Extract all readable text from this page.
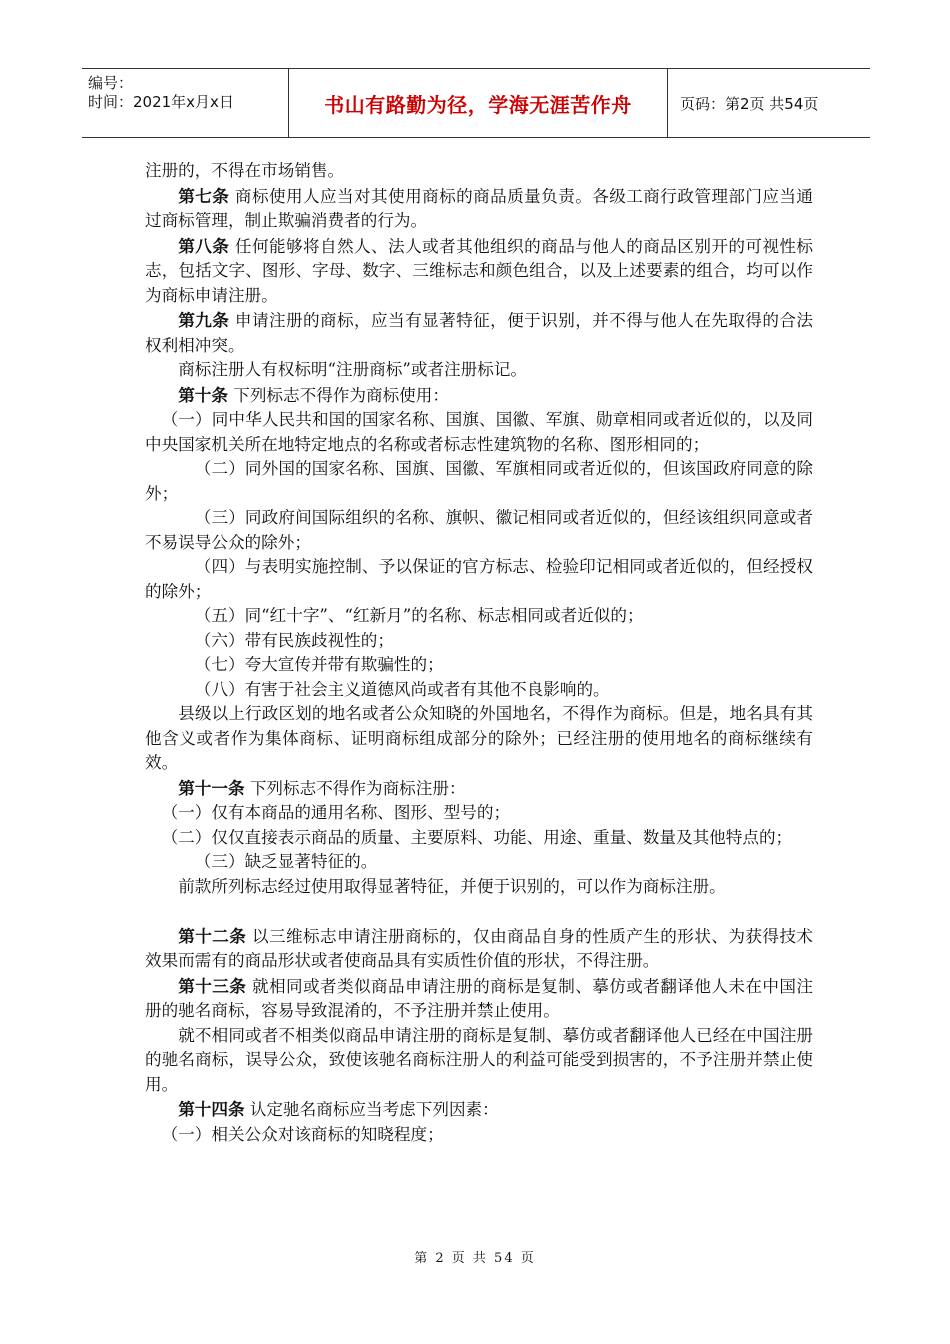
编号：
时间：2021年x月x日	书山有路勤为径，学海无涯苦作舟	页码：第2页 共54页

注册的，不得在市场销售。

第七条 商标使用人应当对其使用商标的商品质量负责。各级工商行政管理部门应当通过商标管理，制止欺骗消费者的行为。

第八条 任何能够将自然人、法人或者其他组织的商品与他人的商品区别开的可视性标志，包括文字、图形、字母、数字、三维标志和颜色组合，以及上述要素的组合，均可以作为商标申请注册。

第九条 申请注册的商标，应当有显著特征，便于识别，并不得与他人在先取得的合法权利相冲突。

商标注册人有权标明“注册商标”或者注册标记。

第十条 下列标志不得作为商标使用：

（一）同中华人民共和国的国家名称、国旗、国徽、军旗、勋章相同或者近似的，以及同中央国家机关所在地特定地点的名称或者标志性建筑物的名称、图形相同的；

（二）同外国的国家名称、国旗、国徽、军旗相同或者近似的，但该国政府同意的除外；

（三）同政府间国际组织的名称、旗帜、徽记相同或者近似的，但经该组织同意或者不易误导公众的除外；

（四）与表明实施控制、予以保证的官方标志、检验印记相同或者近似的，但经授权的除外；

（五）同“红十字”、“红新月”的名称、标志相同或者近似的；

（六）带有民族歧视性的；

（七）夸大宣传并带有欺骗性的；

（八）有害于社会主义道德风尚或者有其他不良影响的。

县级以上行政区划的地名或者公众知晓的外国地名，不得作为商标。但是，地名具有其他含义或者作为集体商标、证明商标组成部分的除外；已经注册的使用地名的商标继续有效。

第十一条 下列标志不得作为商标注册：

（一）仅有本商品的通用名称、图形、型号的；

（二）仅仅直接表示商品的质量、主要原料、功能、用途、重量、数量及其他特点的；

（三）缺乏显著特征的。

前款所列标志经过使用取得显著特征，并便于识别的，可以作为商标注册。

第十二条 以三维标志申请注册商标的，仅由商品自身的性质产生的形状、为获得技术效果而需有的商品形状或者使商品具有实质性价值的形状，不得注册。

第十三条 就相同或者类似商品申请注册的商标是复制、摹仿或者翻译他人未在中国注册的驰名商标，容易导致混淆的，不予注册并禁止使用。

就不相同或者不相类似商品申请注册的商标是复制、摹仿或者翻译他人已经在中国注册的驰名商标，误导公众，致使该驰名商标注册人的利益可能受到损害的，不予注册并禁止使用。

第十四条 认定驰名商标应当考虑下列因素：

（一）相关公众对该商标的知晓程度；

第 2 页 共 54 页
